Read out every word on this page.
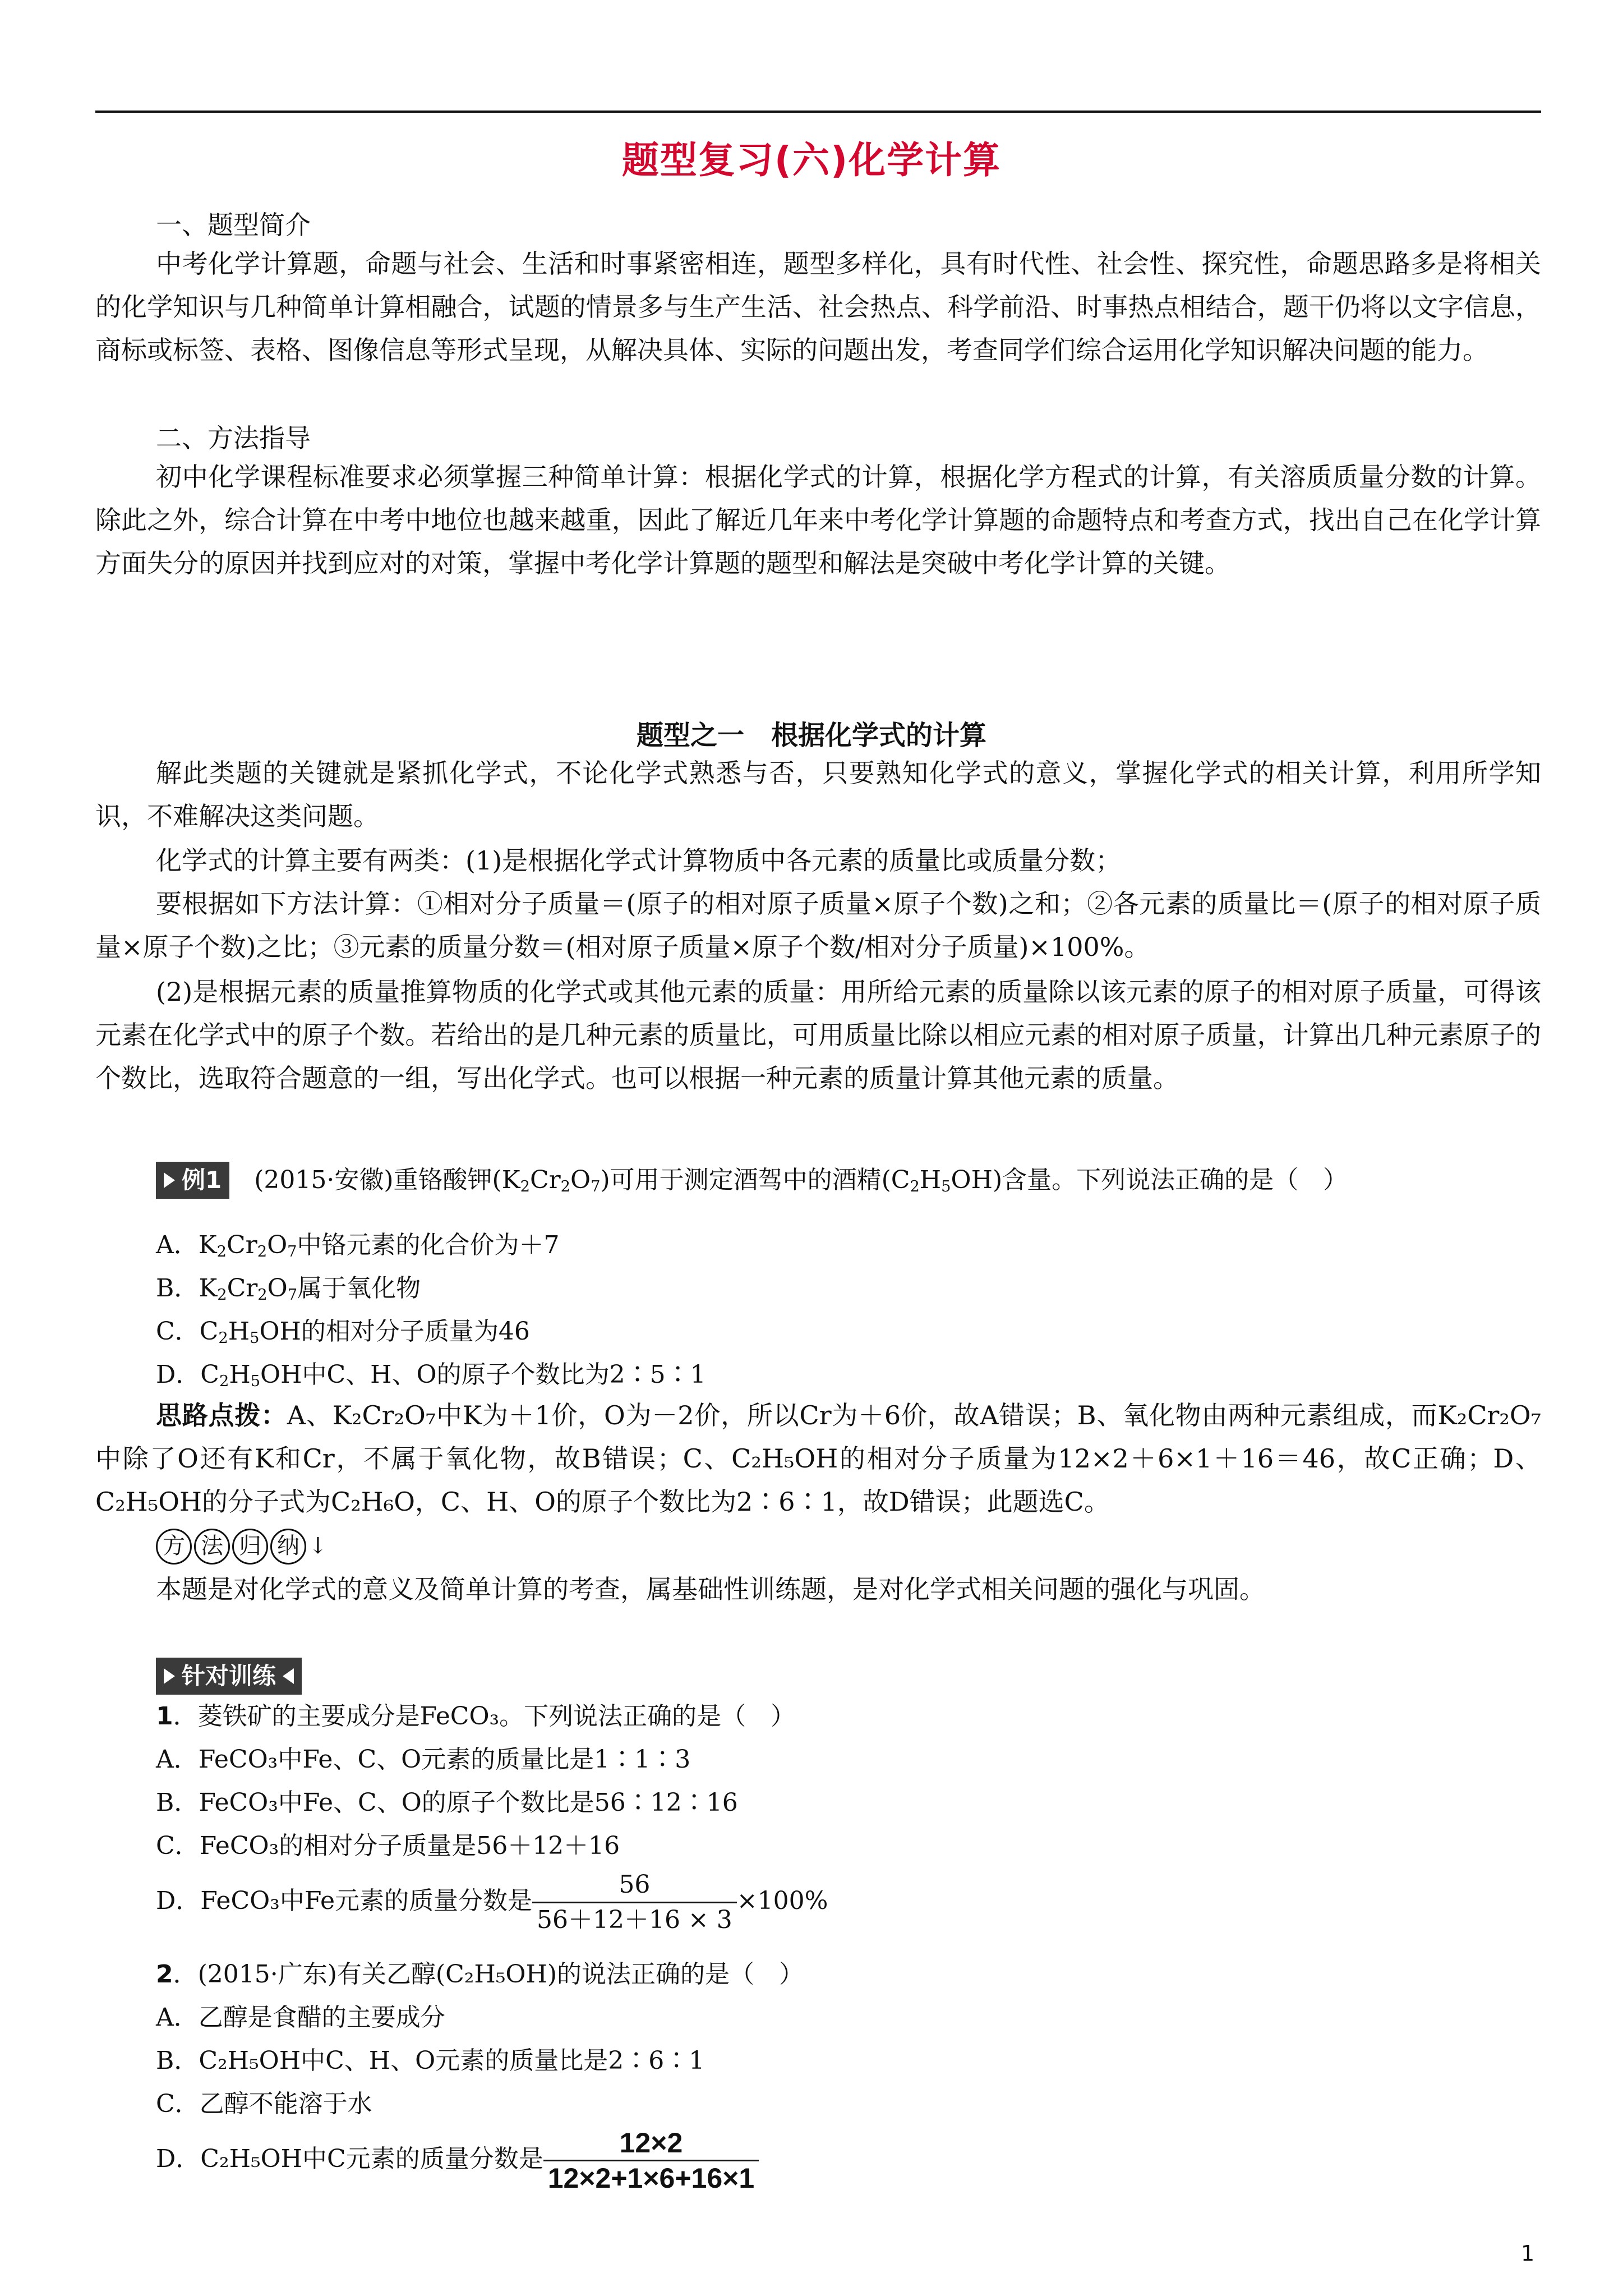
题型复习(六)化学计算
一、题型简介

中考化学计算题，命题与社会、生活和时事紧密相连，题型多样化，具有时代性、社会性、探究性，命题思路多是将相关的化学知识与几种简单计算相融合，试题的情景多与生产生活、社会热点、科学前沿、时事热点相结合，题干仍将以文字信息，商标或标签、表格、图像信息等形式呈现，从解决具体、实际的问题出发，考查同学们综合运用化学知识解决问题的能力。

二、方法指导

初中化学课程标准要求必须掌握三种简单计算：根据化学式的计算，根据化学方程式的计算，有关溶质质量分数的计算。除此之外，综合计算在中考中地位也越来越重，因此了解近几年来中考化学计算题的命题特点和考查方式，找出自己在化学计算方面失分的原因并找到应对的对策，掌握中考化学计算题的题型和解法是突破中考化学计算的关键。

题型之一　根据化学式的计算

解此类题的关键就是紧抓化学式，不论化学式熟悉与否，只要熟知化学式的意义，掌握化学式的相关计算，利用所学知识，不难解决这类问题。

化学式的计算主要有两类：(1)是根据化学式计算物质中各元素的质量比或质量分数；

要根据如下方法计算：①相对分子质量＝(原子的相对原子质量×原子个数)之和；②各元素的质量比＝(原子的相对原子质量×原子个数)之比；③元素的质量分数＝(相对原子质量×原子个数/相对分子质量)×100%。

(2)是根据元素的质量推算物质的化学式或其他元素的质量：用所给元素的质量除以该元素的原子的相对原子质量，可得该元素在化学式中的原子个数。若给出的是几种元素的质量比，可用质量比除以相应元素的相对原子质量，计算出几种元素原子的个数比，选取符合题意的一组，写出化学式。也可以根据一种元素的质量计算其他元素的质量。

例1 (2015·安徽)重铬酸钾$(K_2Cr_2O_7)$可用于测定酒驾中的酒精$(C_2H_5OH)$含量。下列说法正确的是（　）
A．$K_2Cr_2O_7$中铬元素的化合价为＋7
B．$K_2Cr_2O_7$属于氧化物
C．$C_2H_5OH$的相对分子质量为46
D．$C_2H_5OH$中C、H、O的原子个数比为2∶5∶1

思路点拨：A、K₂Cr₂O₇中K为＋1价，O为－2价，所以Cr为＋6价，故A错误；B、氧化物由两种元素组成，而K₂Cr₂O₇中除了O还有K和Cr，不属于氧化物，故B错误；C、C₂H₅OH的相对分子质量为12×2＋6×1＋16＝46，故C正确；D、C₂H₅OH的分子式为C₂H₆O，C、H、O的原子个数比为2∶6∶1，故D错误；此题选C。

方 法 归 纳 ↓

本题是对化学式的意义及简单计算的考查，属基础性训练题，是对化学式相关问题的强化与巩固。

针对训练
1．菱铁矿的主要成分是FeCO₃。下列说法正确的是（　）
A．FeCO₃中Fe、C、O元素的质量比是1∶1∶3
B．FeCO₃中Fe、C、O的原子个数比是56∶12∶16
C．FeCO₃的相对分子质量是56＋12＋16
D．FeCO₃中Fe元素的质量分数是 $\frac{56}{56+12+16 \times 3} \times 100\%$
2．(2015·广东)有关乙醇(C₂H₅OH)的说法正确的是（　）
A．乙醇是食醋的主要成分
B．C₂H₅OH中C、H、O元素的质量比是2∶6∶1
C．乙醇不能溶于水
D．C₂H₅OH中C元素的质量分数是 $\frac{12\times 2}{12\times 2+1\times 6+16\times 1}$
1
